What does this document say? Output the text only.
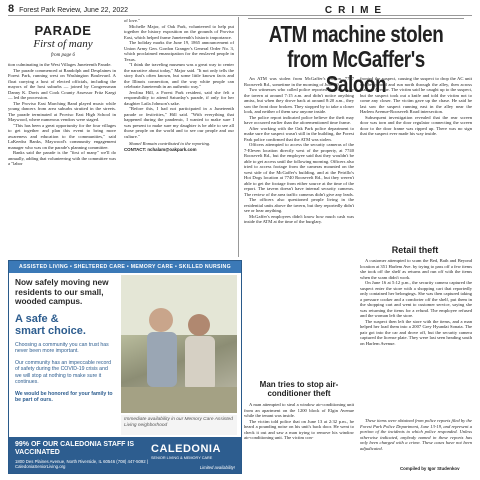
8 Forest Park Review, June 22, 2022
PARADE
First of many
from page 6

tion culminating in the West Villages Juneteenth Parade.

The parade commenced at Randolph and Desplaines in Forest Park, running west on Washington Boulevard. A float carrying a host of elected officials, including the mayors of the host suburbs — joined by Congressman Danny K. Davis and Cook County Assessor Fritz Kaegi — led the procession.

The Proviso East Marching Band played music while young dancers from area suburbs strutted in the streets. The parade terminated at Proviso East High School in Maywood, where numerous vendors were staged.

"This has been a great opportunity for the four villages to get together and plan this event to bring more awareness and education to the communities," said LaKeedra Banks, Maywood's community engagement manager who was on the parade's planning committee.

Banks said the parade is the "first of many" we'll do annually, adding that volunteering with the committee was a "labor

of love."

Michelle Major, of Oak Park, volunteered to help put together the history exposition on the grounds of Proviso East, which helped frame Juneteenth's historic importance.

The holiday marks the June 19, 1865 announcement of Union Army Gen. Gordon Granger's General Order No. 3, which proclaimed emancipation for the enslaved people in Texas.

"I think the traveling museum was a great way to center the narrative about today," Major said. "It not only tells the story that's often known, but some little known facts and the Illinois connection, and the way white people can celebrate Juneteenth in an authentic way."

Jewlina Hill, a Forest Park resident, said she felt a responsibility to attend Saturday's parade, if only for her daughter Laila Johnson's sake.

"Before this, I had not participated in a Juneteenth parade or festivities," Hill said. "With everything that happened during the pandemic, I wanted to make sure I was present to make sure my daughter is be able to see all those people on the world and to see our people and our culture."

Shanel Romain contributed to the reporting.

CONTACT: nchalam@oakpark.com

CRIME
ATM machine stolen from McGaffer's Saloon

An ATM was stolen from McGaffer's Saloon, 7737 Roosevelt Rd., sometime in the morning of June 19.

Two witnesses who called police reported they drove by the tavern at around 7:15 a.m. and didn't notice anything amiss, but when they drove back at around 8:20 a.m., they saw the front door broken. They stopped by to take a closer look, and neither of them saw anyone inside.

The police report indicated police believe the theft may have occurred earlier than the aforementioned time frame.

After working with the Oak Park police department to make sure the suspect wasn't still in the building, the Forest Park police confirmed that the ATM was stolen.

Officers attempted to access the security cameras of the 7-Eleven location directly west of the property, at 7740 Roosevelt Rd., but the employee said that they wouldn't be able to get access until the following morning. Officers also tried to access footage from the cameras mounted on the west side of the McGaffer's building, and at the Petrillo's Hot Dogs location at 7740 Roosevelt Rd., but they weren't able to get the footage from either source at the time of the report. The tavern doesn't have internal security cameras. The review of the area traffic cameras didn't give any leads.

The officers also questioned people living in the residential units above the tavern, but they reportedly didn't see or hear anything.

McGaffer's employees didn't know how much cash was inside the ATM at the time of the burglary.

Man tries to stop air-conditioner theft

A man attempted to steal a window air-conditioning unit from an apartment on the 1200 block of Elgin Avenue while the tenant was inside.

The victim told police that on June 13 at 2:32 p.m., he heard a pounding noise on his unit's back door. He went to check it out and saw a man trying to remove his window air-conditioning unit. The victim con-

fronted the suspect, causing the suspect to drop the AC unit on the ground and run north through the alley, then across Harlem Avenue. The victim said he caught up to the suspect, but the suspect took out a knife and told the victim not to come any closer. The victim gave up the chase. He said he last saw the suspect running east in the alley near the Harlem Avenue-Roosevelt Road intersection.

Subsequent investigation revealed that the rear screen door was torn and the door regulator connecting the screen door to the door frame was ripped up. There was no sign that the suspect ever made his way inside.

Retail theft

A customer attempted to scam the Bed, Bath and Beyond location at 351 Harlem Ave. by trying to pass off a few items she took off the shelf as returns and run off with the items when the scam didn't work.

On June 16 at 5:12 p.m., the security camera captured the suspect enter the store with a shopping cart that reportedly only contained her belongings. She was then captured taking a pressure cooker and a comforter off the shelf, put them in the shopping cart and went to customer service, saying she was returning the items for a refund. The employee refused and the woman left the store.

The suspect then left the store with the items, and a man helped her load them into a 2007 Grey Hyundai Sonata. The pair got into the car and drove off, but the security camera captured the license plate. They were last seen heading south on Harlem Avenue.

These items were obtained from police reports filed by the Forest Park Police Department, June 13-19, and represent a portion of the incidents to which police responded. Unless otherwise indicated, anybody named in these reports has only been charged with a crime. These cases have not been adjudicated.

Compiled by Igor Studenkov
ASSISTED LIVING • SHELTERED CARE • MEMORY CARE • SKILLED NURSING
Now safely moving new residents to our small, wooded campus.
A safe &
smart choice.
Choosing a community you can trust has never been more important.
Our community has an impeccable record of safety during the COVID-19 crisis and we will stop at nothing to make sure it continues.
We would be honored for your family to be part of ours.
Immediate availability in our Memory Care Assisted Living neighborhood
99% OF OUR CALEDONIA STAFF IS VACCINATED
1800 Des Plaines Avenue, North Riverside, IL 60546 (708) 447-5092 | CaledoniaSeniorLiving.org
CALEDONIA
SENIOR LIVING & MEMORY CARE
Limited availability!
